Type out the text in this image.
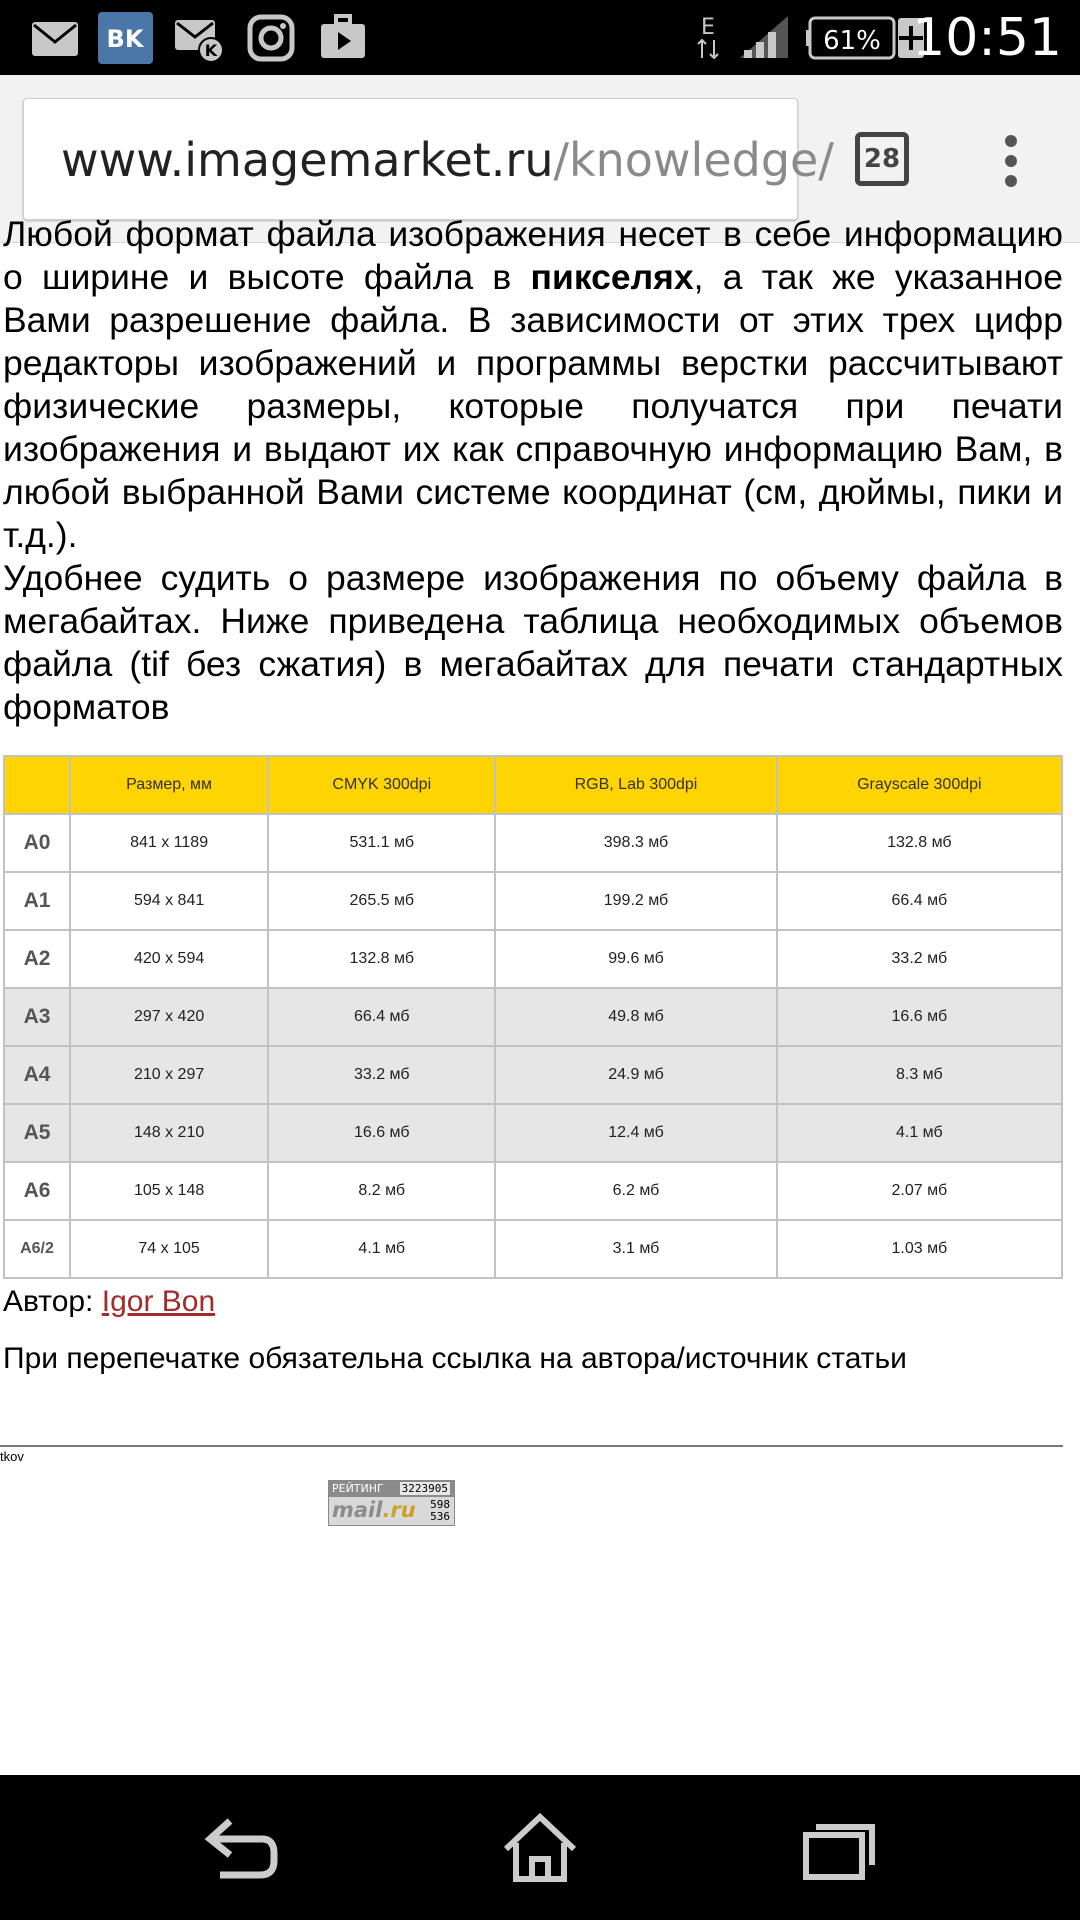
BK	K
E	61% 10:51
www.imagemarket.ru/knowledge/	28

Любой формат файла изображения несет в себе информацию о ширине и высоте файла в пикселях, а так же указанное Вами разрешение файла. В зависимости от этих трех цифр редакторы изображений и программы верстки рассчитывают физические размеры, которые получатся при печати изображения и выдают их как справочную информацию Вам, в любой выбранной Вами системе координат (см, дюймы, пики и т.д.).

Удобнее судить о размере изображения по объему файла в мегабайтах. Ниже приведена таблица необходимых объемов файла (tif без сжатия) в мегабайтах для печати стандартных форматов

	Размер, мм	CMYK 300dpi	RGB, Lab 300dpi	Grayscale 300dpi
A0	841 x 1189	531.1 мб	398.3 мб	132.8 мб
A1	594 x 841	265.5 мб	199.2 мб	66.4 мб
A2	420 x 594	132.8 мб	99.6 мб	33.2 мб
A3	297 x 420	66.4 мб	49.8 мб	16.6 мб
A4	210 x 297	33.2 мб	24.9 мб	8.3 мб
A5	148 x 210	16.6 мб	12.4 мб	4.1 мб
A6	105 x 148	8.2 мб	6.2 мб	2.07 мб
A6/2	74 x 105	4.1 мб	3.1 мб	1.03 мб
Автор: Igor Bon
При перепечатке обязательна ссылка на автора/источник статьи
tkov
РЕЙТИНГ 3223905
mail.ru 598
536
